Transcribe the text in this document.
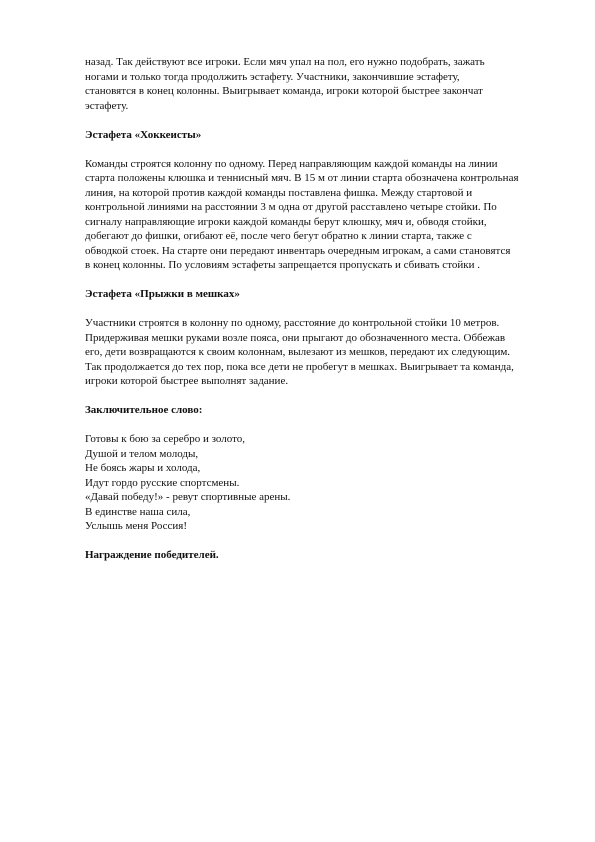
назад. Так действуют все игроки. Если мяч упал на пол, его нужно подобрать, зажать
ногами и только тогда продолжить эстафету. Участники, закончившие эстафету,
становятся в конец колонны. Выигрывает команда, игроки которой быстрее закончат
эстафету.

Эстафета «Хоккеисты»

Команды строятся колонну по одному. Перед направляющим каждой команды на линии
старта положены клюшка и теннисный мяч. В 15 м от линии старта обозначена контрольная
линия, на которой против каждой команды поставлена фишка. Между стартовой и
контрольной линиями на расстоянии 3 м одна от другой расставлено четыре стойки. По
сигналу направляющие игроки каждой команды берут клюшку, мяч и, обводя стойки,
добегают до фишки, огибают её, после чего бегут обратно к линии старта, также с
обводкой стоек. На старте они передают инвентарь очередным игрокам, а сами становятся
в конец колонны. По условиям эстафеты запрещается пропускать и сбивать стойки .

Эстафета «Прыжки в мешках»

Участники строятся в колонну по одному, расстояние до контрольной стойки 10 метров.
Придерживая мешки руками возле пояса, они прыгают до обозначенного места. Оббежав
его, дети возвращаются к своим колоннам, вылезают из мешков, передают их следующим.
Так продолжается до тех пор, пока все дети не пробегут в мешках. Выигрывает та команда,
игроки которой быстрее выполнят задание.

Заключительное слово:

Готовы к бою за серебро и золото,
Душой и телом молоды,
Не боясь жары и холода,
Идут гордо русские спортсмены.
«Давай победу!» - ревут спортивные арены.
В единстве наша сила,
Услышь меня Россия!

Награждение победителей.
